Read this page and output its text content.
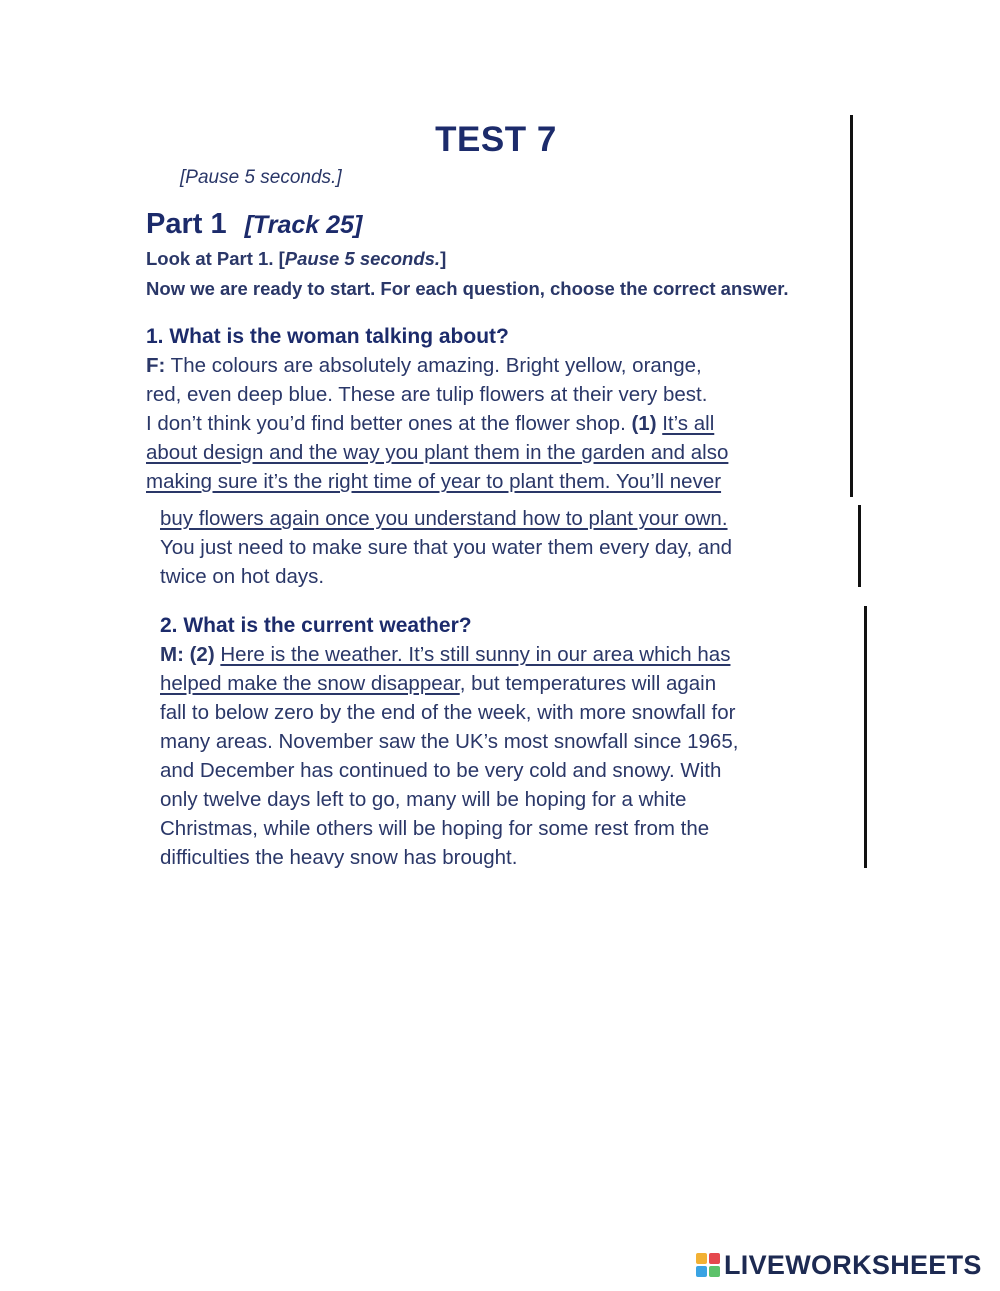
TEST 7
[Pause 5 seconds.]
Part 1 [Track 25]
Look at Part 1. [Pause 5 seconds.]
Now we are ready to start. For each question, choose the correct answer.
1. What is the woman talking about?
F: The colours are absolutely amazing. Bright yellow, orange,
red, even deep blue. These are tulip flowers at their very best.
I don’t think you’d find better ones at the flower shop. (1) It’s all
about design and the way you plant them in the garden and also
making sure it’s the right time of year to plant them. You’ll never
buy flowers again once you understand how to plant your own.
You just need to make sure that you water them every day, and
twice on hot days.
2. What is the current weather?
M: (2) Here is the weather. It’s still sunny in our area which has
helped make the snow disappear, but temperatures will again
fall to below zero by the end of the week, with more snowfall for
many areas. November saw the UK’s most snowfall since 1965,
and December has continued to be very cold and snowy. With
only twelve days left to go, many will be hoping for a white
Christmas, while others will be hoping for some rest from the
difficulties the heavy snow has brought.
LIVEWORKSHEETS
